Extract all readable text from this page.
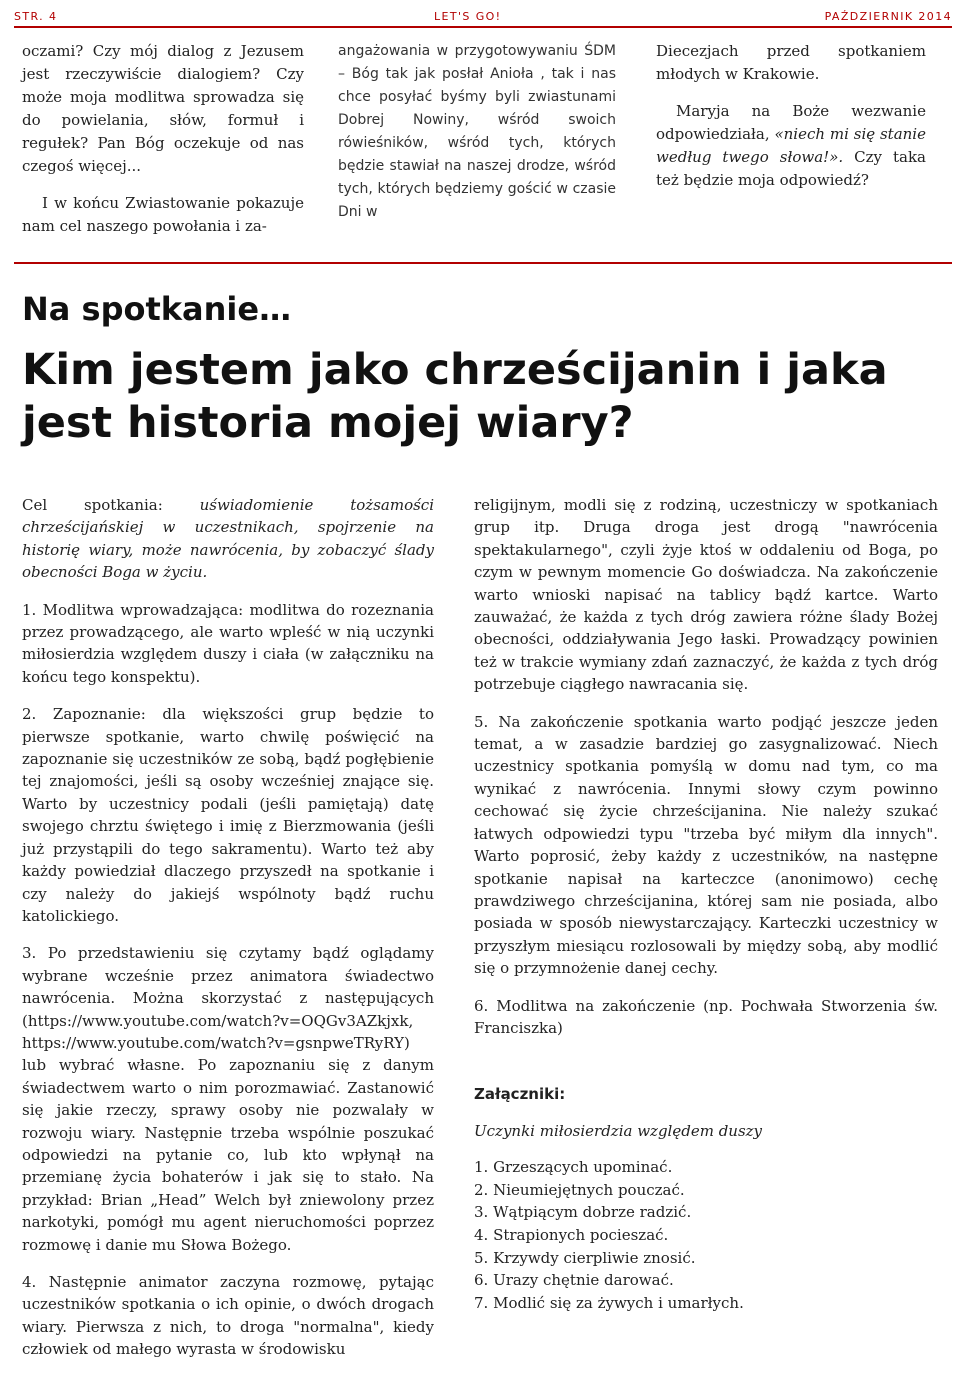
STR. 4	LET'S GO!	PAŹDZIERNIK 2014

oczami? Czy mój dialog z Jezusem jest rzeczywiście dialogiem? Czy może moja modlitwa sprowadza się do powielania, słów, formuł i regułek? Pan Bóg oczekuje od nas czegoś więcej...

I w końcu Zwiastowanie pokazuje nam cel naszego powołania i za-

angażowania w przygotowywaniu ŚDM – Bóg tak jak posłał Anioła , tak i nas chce posyłać byśmy byli zwiastunami Dobrej Nowiny, wśród swoich rówieśników, wśród tych, których będzie stawiał na naszej drodze, wśród tych, których będziemy gościć w czasie Dni w

Diecezjach przed spotkaniem młodych w Krakowie.

Maryja na Boże wezwanie odpowiedziała, «niech mi się stanie według twego słowa!». Czy taka też będzie moja odpowiedź?

Na spotkanie…
Kim jestem jako chrześcijanin i jaka jest historia mojej wiary?

Cel spotkania: uświadomienie tożsamości chrześcijańskiej w uczestnikach, spojrzenie na historię wiary, może nawrócenia, by zobaczyć ślady obecności Boga w życiu.

1. Modlitwa wprowadzająca: modlitwa do rozeznania przez prowadzącego, ale warto wpleść w nią uczynki miłosierdzia względem duszy i ciała (w załączniku na końcu tego konspektu).

2. Zapoznanie: dla większości grup będzie to pierwsze spotkanie, warto chwilę poświęcić na zapoznanie się uczestników ze sobą, bądź pogłębienie tej znajomości, jeśli są osoby wcześniej znające się. Warto by uczestnicy podali (jeśli pamiętają) datę swojego chrztu świętego i imię z Bierzmowania (jeśli już przystąpili do tego sakramentu). Warto też aby każdy powiedział dlaczego przyszedł na spotkanie i czy należy do jakiejś wspólnoty bądź ruchu katolickiego.

3. Po przedstawieniu się czytamy bądź oglądamy wybrane wcześnie przez animatora świadectwo nawrócenia. Można skorzystać z następujących (https://www.youtube.com/watch?v=OQGv3AZkjxk, https://www.youtube.com/watch?v=gsnpweTRyRY) lub wybrać własne. Po zapoznaniu się z danym świadectwem warto o nim porozmawiać. Zastanowić się jakie rzeczy, sprawy osoby nie pozwalały w rozwoju wiary. Następnie trzeba wspólnie poszukać odpowiedzi na pytanie co, lub kto wpłynął na przemianę życia bohaterów i jak się to stało. Na przykład: Brian „Head” Welch był zniewolony przez narkotyki, pomógł mu agent nieruchomości poprzez rozmowę i danie mu Słowa Bożego.

4. Następnie animator zaczyna rozmowę, pytając uczestników spotkania o ich opinie, o dwóch drogach wiary. Pierwsza z nich, to droga "normalna", kiedy człowiek od małego wyrasta w środowisku

religijnym, modli się z rodziną, uczestniczy w spotkaniach grup itp. Druga droga jest drogą "nawrócenia spektakularnego", czyli żyje ktoś w oddaleniu od Boga, po czym w pewnym momencie Go doświadcza. Na zakończenie warto wnioski napisać na tablicy bądź kartce. Warto zauważać, że każda z tych dróg zawiera różne ślady Bożej obecności, oddziaływania Jego łaski. Prowadzący powinien też w trakcie wymiany zdań zaznaczyć, że każda z tych dróg potrzebuje ciągłego nawracania się.

5. Na zakończenie spotkania warto podjąć jeszcze jeden temat, a w zasadzie bardziej go zasygnalizować. Niech uczestnicy spotkania pomyślą w domu nad tym, co ma wynikać z nawrócenia. Innymi słowy czym powinno cechować się życie chrześcijanina. Nie należy szukać łatwych odpowiedzi typu "trzeba być miłym dla innych". Warto poprosić, żeby każdy z uczestników, na następne spotkanie napisał na karteczce (anonimowo) cechę prawdziwego chrześcijanina, której sam nie posiada, albo posiada w sposób niewystarczający. Karteczki uczestnicy w przyszłym miesiącu rozlosowali by między sobą, aby modlić się o przymnożenie danej cechy.

6. Modlitwa na zakończenie (np. Pochwała Stworzenia św. Franciszka)

Załączniki:

Uczynki miłosierdzia względem duszy

1. Grzeszących upominać.
2. Nieumiejętnych pouczać.
3. Wątpiącym dobrze radzić.
4. Strapionych pocieszać.
5. Krzywdy cierpliwie znosić.
6. Urazy chętnie darować.
7. Modlić się za żywych i umarłych.
